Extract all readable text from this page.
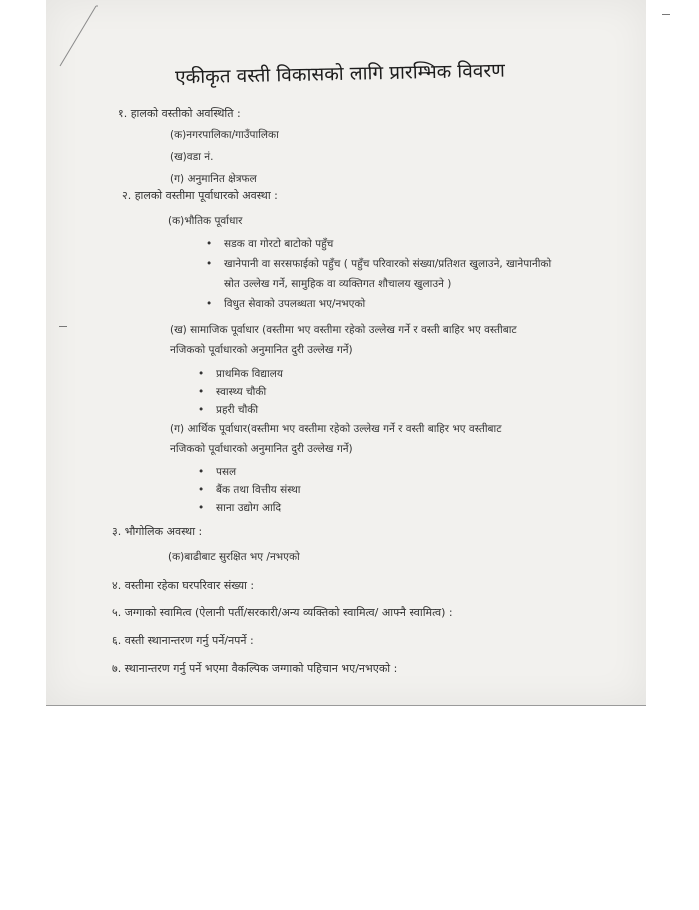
एकीकृत वस्ती विकासको लागि प्रारम्भिक विवरण
१. हालको वस्तीको अवस्थिति :
(क)नगरपालिका/गाउँपालिका
(ख)वडा नं.
(ग) अनुमानित क्षेत्रफल
२. हालको वस्तीमा पूर्वाधारको अवस्था :
(क)भौतिक पूर्वाधार
• सडक वा गोरटो बाटोको पहुँच
• खानेपानी वा सरसफाईको पहुँच ( पहुँच परिवारको संख्या/प्रतिशत खुलाउने, खानेपानीको
स्रोत उल्लेख गर्ने, सामुहिक वा व्यक्तिगत शौचालय खुलाउने )
• विधुत सेवाको उपलब्धता भए/नभएको
(ख) सामाजिक पूर्वाधार (वस्तीमा भए वस्तीमा रहेको उल्लेख गर्ने र वस्ती बाहिर भए वस्तीबाट
नजिकको पूर्वाधारको अनुमानित दुरी उल्लेख गर्ने)
• प्राथमिक विद्यालय
• स्वास्थ्य चौकी
• प्रहरी चौकी
(ग) आर्थिक पूर्वाधार(वस्तीमा भए वस्तीमा रहेको उल्लेख गर्ने र वस्ती बाहिर भए वस्तीबाट
नजिकको पूर्वाधारको अनुमानित दुरी उल्लेख गर्ने)
• पसल
• बैंक तथा वित्तीय संस्था
• साना उद्योग आदि
३. भौगोलिक अवस्था :
(क)बाढीबाट सुरक्षित भए /नभएको
४. वस्तीमा रहेका घरपरिवार संख्या :
५. जग्गाको स्वामित्व (ऐलानी पर्ती/सरकारी/अन्य व्यक्तिको स्वामित्व/ आफ्नै स्वामित्व) :
६. वस्ती स्थानान्तरण गर्नु पर्ने/नपर्ने :
७. स्थानान्तरण गर्नु पर्ने भएमा वैकल्पिक जग्गाको पहिचान भए/नभएको :
